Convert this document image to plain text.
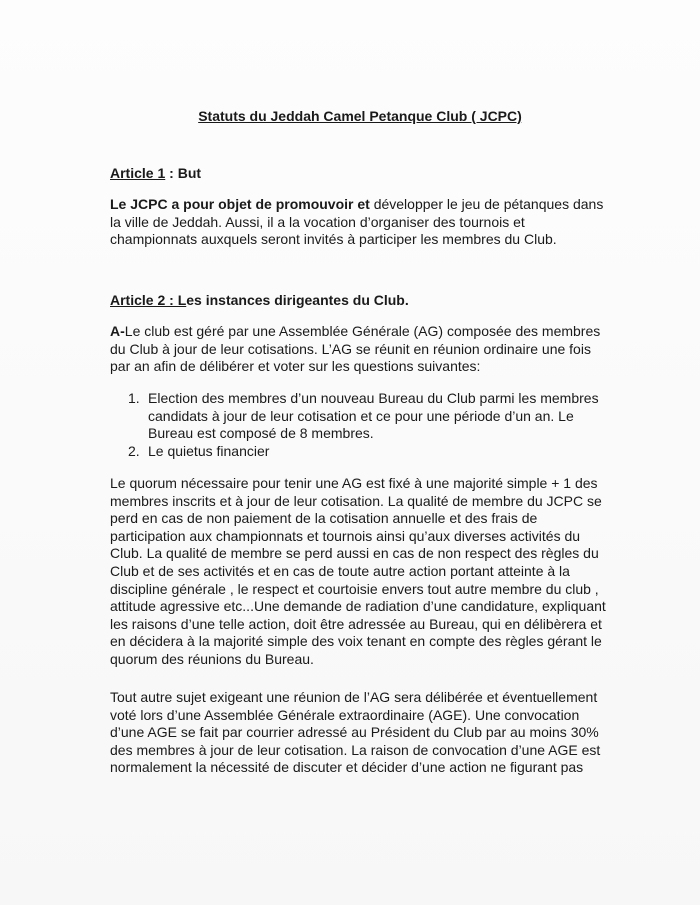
Statuts du Jeddah Camel Petanque Club ( JCPC)

Article 1 : But

Le JCPC a pour objet de promouvoir et développer le jeu de pétanques dans la ville de Jeddah. Aussi, il a la vocation d’organiser des tournois et championnats auxquels seront invités à participer les membres du Club.

Article 2 : Les instances dirigeantes du Club.

A-Le club est géré par une Assemblée Générale (AG) composée des membres du Club à jour de leur cotisations. L’AG se réunit en réunion ordinaire une fois par an afin de délibérer et voter sur les questions suivantes:

1. Election des membres d’un nouveau Bureau du Club parmi les membres candidats à jour de leur cotisation et ce pour une période d’un an. Le Bureau est composé de 8 membres.
2. Le quietus financier

Le quorum nécessaire pour tenir une AG est fixé à une majorité simple + 1 des membres inscrits et à jour de leur cotisation. La qualité de membre du JCPC se perd en cas de non paiement de la cotisation annuelle et des frais de participation aux championnats et tournois ainsi qu’aux diverses activités du Club. La qualité de membre se perd aussi en cas de non respect des règles du Club et de ses activités et en cas de toute autre action portant atteinte à la discipline générale , le respect et courtoisie envers tout autre membre du club , attitude agressive etc...Une demande de radiation d’une candidature, expliquant les raisons d’une telle action, doit être adressée au Bureau, qui en délibèrera et en décidera à la majorité simple des voix tenant en compte des règles gérant le quorum des réunions du Bureau.

Tout autre sujet exigeant une réunion de l’AG sera délibérée et éventuellement voté lors d’une Assemblée Générale extraordinaire (AGE). Une convocation d’une AGE se fait par courrier adressé au Président du Club par au moins 30% des membres à jour de leur cotisation. La raison de convocation d’une AGE est normalement la nécessité de discuter et décider d’une action ne figurant pas
